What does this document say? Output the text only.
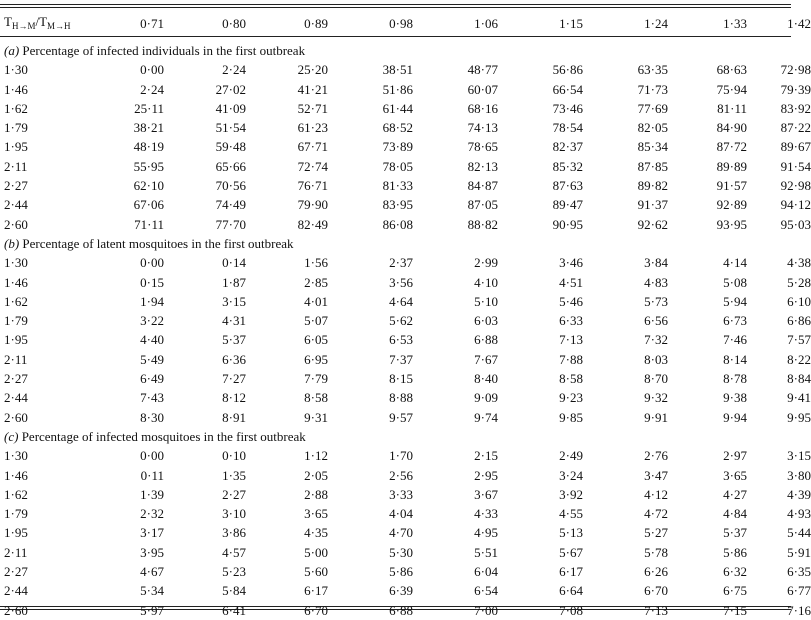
$T_{H\to M}/T_{M\to H}$	0·71	0·80	0·89	0·98	1·06	1·15	1·24	1·33	1·42
(a) Percentage of infected individuals in the first outbreak									
1·30	0·00	2·24	25·20	38·51	48·77	56·86	63·35	68·63	72·98
1·46	2·24	27·02	41·21	51·86	60·07	66·54	71·73	75·94	79·39
1·62	25·11	41·09	52·71	61·44	68·16	73·46	77·69	81·11	83·92
1·79	38·21	51·54	61·23	68·52	74·13	78·54	82·05	84·90	87·22
1·95	48·19	59·48	67·71	73·89	78·65	82·37	85·34	87·72	89·67
2·11	55·95	65·66	72·74	78·05	82·13	85·32	87·85	89·89	91·54
2·27	62·10	70·56	76·71	81·33	84·87	87·63	89·82	91·57	92·98
2·44	67·06	74·49	79·90	83·95	87·05	89·47	91·37	92·89	94·12
2·60	71·11	77·70	82·49	86·08	88·82	90·95	92·62	93·95	95·03
(b) Percentage of latent mosquitoes in the first outbreak									
1·30	0·00	0·14	1·56	2·37	2·99	3·46	3·84	4·14	4·38
1·46	0·15	1·87	2·85	3·56	4·10	4·51	4·83	5·08	5·28
1·62	1·94	3·15	4·01	4·64	5·10	5·46	5·73	5·94	6·10
1·79	3·22	4·31	5·07	5·62	6·03	6·33	6·56	6·73	6·86
1·95	4·40	5·37	6·05	6·53	6·88	7·13	7·32	7·46	7·57
2·11	5·49	6·36	6·95	7·37	7·67	7·88	8·03	8·14	8·22
2·27	6·49	7·27	7·79	8·15	8·40	8·58	8·70	8·78	8·84
2·44	7·43	8·12	8·58	8·88	9·09	9·23	9·32	9·38	9·41
2·60	8·30	8·91	9·31	9·57	9·74	9·85	9·91	9·94	9·95
(c) Percentage of infected mosquitoes in the first outbreak									
1·30	0·00	0·10	1·12	1·70	2·15	2·49	2·76	2·97	3·15
1·46	0·11	1·35	2·05	2·56	2·95	3·24	3·47	3·65	3·80
1·62	1·39	2·27	2·88	3·33	3·67	3·92	4·12	4·27	4·39
1·79	2·32	3·10	3·65	4·04	4·33	4·55	4·72	4·84	4·93
1·95	3·17	3·86	4·35	4·70	4·95	5·13	5·27	5·37	5·44
2·11	3·95	4·57	5·00	5·30	5·51	5·67	5·78	5·86	5·91
2·27	4·67	5·23	5·60	5·86	6·04	6·17	6·26	6·32	6·35
2·44	5·34	5·84	6·17	6·39	6·54	6·64	6·70	6·75	6·77
2·60	5·97	6·41	6·70	6·88	7·00	7·08	7·13	7·15	7·16
